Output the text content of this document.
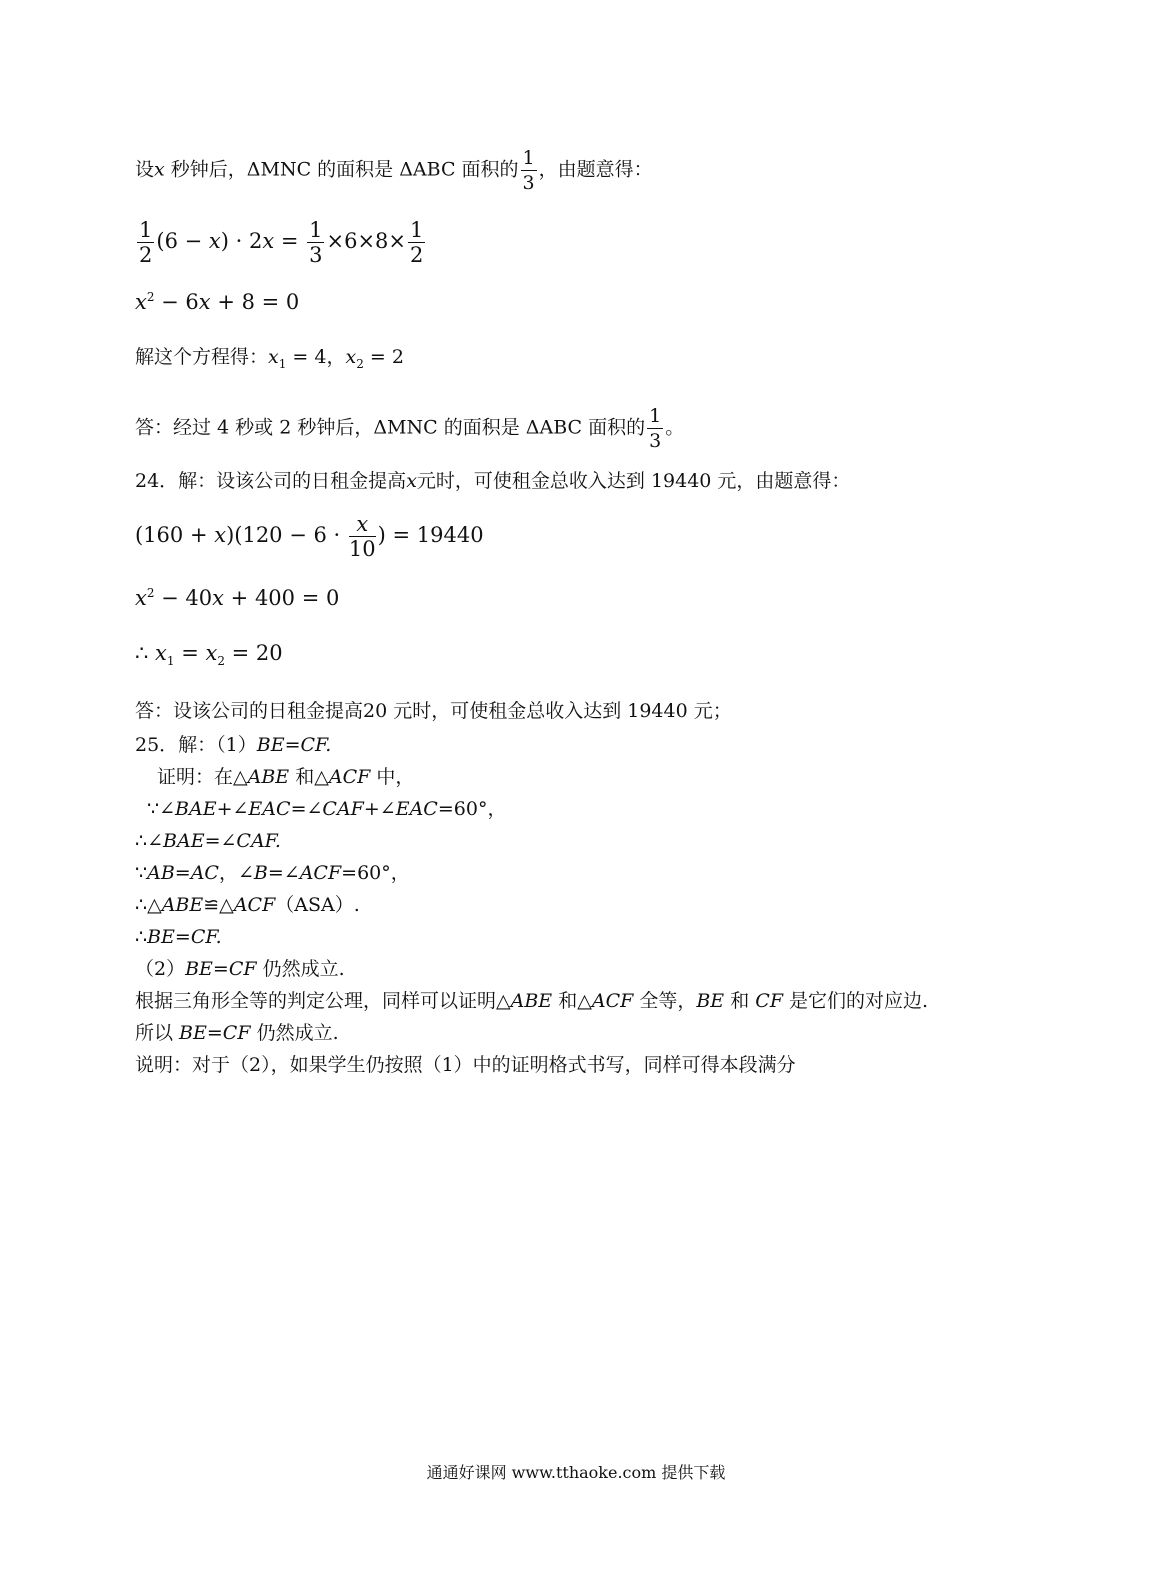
设x 秒钟后，ΔMNC 的面积是 ΔABC 面积的 $\frac{1}{3}$ ，由题意得：
$\frac{1}{2} (6 - x) \cdot 2x = \frac{1}{3} \times 6\times 8\times \frac{1}{2}$
$x^2 - 6x + 8 = 0$
解这个方程得：$x_1 = 4$，$x_2 = 2$
答：经过 4 秒或 2 秒钟后，ΔMNC 的面积是 ΔABC 面积的 $\frac{1}{3}$ 。
24．解：设该公司的日租金提高x元时，可使租金总收入达到 19440 元，由题意得：
$(160 + x)(120 - 6 \cdot \frac{x}{10}$ ) = 19440
$x^2 - 40x + 400 = 0$
∴ $x_1 = x_2 = 20$
答：设该公司的日租金提高20 元时，可使租金总收入达到 19440 元；
25．解：（1）BE=CF.
证明：在△ABE 和△ACF 中，
∵∠BAE+∠EAC=∠CAF+∠EAC=60°，
∴∠BAE=∠CAF.
∵AB=AC，∠B=∠ACF=60°，
∴△ABE≌△ACF（ASA）.
∴BE=CF.
（2）BE=CF 仍然成立.
根据三角形全等的判定公理，同样可以证明△ABE 和△ACF 全等，BE 和 CF 是它们的对应边.
所以 BE=CF 仍然成立.
说明：对于（2），如果学生仍按照（1）中的证明格式书写，同样可得本段满分
通通好课网 www.tthaoke.com 提供下载
